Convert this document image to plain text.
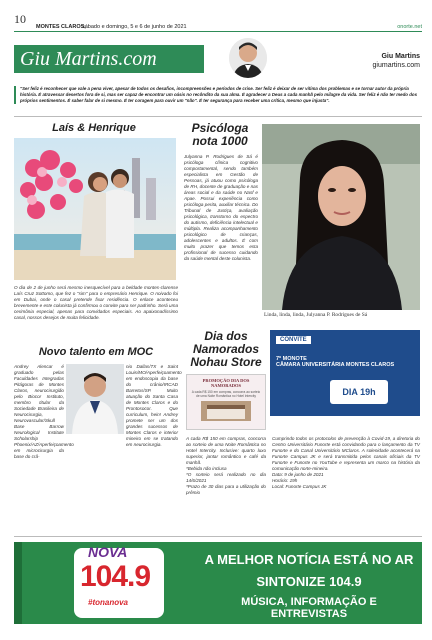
10
MONTES CLAROS,
sábado e domingo, 5 e 6 de junho de 2021	onorte.net
Giu Martins.com	Giu Martins
giumartins.com
"Ser feliz é reconhecer que vale a pena viver, apesar de todos os desafios, incompreensões e períodos de crise. Ser feliz é deixar de ser vítima dos problemas e se tornar autor da própria história. É atravessar desertos fora de si, mas ser capaz de encontrar um oásis no recôndito da sua alma. É agradecer a Deus a cada manhã pelo milagre da vida. Ser feliz é não ter medo dos próprios sentimentos. É saber falar de si mesmo. É ter coragem para ouvir um "não". É ter segurança para receber uma crítica, mesmo que injusta".
Laís & Henrique
O dia de 2 de junho será mesmo inesquecível para a beldade montes-clarense Laís Cruz Sottomo, que fez o "sim" para o empresário Henrique. O noivado foi em Dubai, onde o casal pretende fixar residência. O enlace aconteceu brevemente e este colunista já confirmou o convite para ser padrinho. Será uma cerimônia especial, apenas para convidados especiais. Ao apaixonadíssimo casal, nossos desejos de muita felicidade.
Psicóloga
nota 1000
Julyanna P. Rodrigues de Sá é psicóloga clínica cognitivo comportamental, sendo também especialista em Gestão de Pessoas, já atuou como psicóloga de RH, docente de graduação e nas áreas social e da saúde no Nasf e Apae. Possui experiência como psicóloga perita, auxiliar técnica. Do Tribunal de Justiça, avaliação psicológica, transtorno do espectro do autismo, deficiência intelectual e múltipla. Realiza acompanhamento psicológico de crianças, adolescentes e adultos. É com muito prazer que temos esta profissional de sucesso cuidando da saúde mental deste colunista.
Linda, linda, linda, Julyanna P. Rodrigues de Sá
Novo talento em MOC
Andrey Alencar é graduado pelas Faculdades Integradas Pitágoras de Montes Claros, neurocirurgião pelo Biocor Instituto, membro titular da Sociedade Brasileira de Neurocirurgia, Neurovascular/Skull Base Barrow Neurological Institute Scholarship Phoenix/AZ/Aperfeiçoamento em microcirurgia da base do crâ-
nio Dallas/TX e Saint Louis/MO/Aperfeiçoamento em endoscopia da base do crânio/IRCAD Barretos/SP. Muito atuação do Santa Casa de Montes Claros e do Prontosocor. Que curriculum, hein! Andrey promete ser um dos grandes sucessos de Montes Claros e interior mineiro em se tratando em neurocirurgia.
Dia dos
Namorados
Nohau Store
PROMOÇÃO DIA DOS NAMORADOS
A cada R$ 150 em compras, concorra ao sorteio de uma Noite Romântica no Hotel Intercity
A cada R$ 150 em compras, concorra ao sorteio de uma Noite Romântica no Hotel Intercity. Inclusive: quarto luxo superior, jantar romântico e café da manhã.
*Bebida não inclusa
*O sorteio será realizado no dia 14/6/2021
*Prazo de 30 dias para a utilização do prêmio
CONVITE
7ª MONOTE
CÂMARA UNIVERSITÁRIA MONTES CLAROS
DIA 19h
Cumprindo todos os protocolos de prevenção à Covid-19, a diretoria do Centro Universitário Funorte está convidando para o lançamento da TV Funorte e do Canal Universitário MClaros. A solenidade acontecerá na Funorte Campus JK e será transmitida pelos canais oficiais da TV Funorte e Funorte no YouTube e representa um marco na história da comunicação norte-mineira.
Data: 9 de junho de 2021
Horário: 19h
Local: Funorte Campus JK
NOVA
104.9
#tonanova
A MELHOR NOTÍCIA ESTÁ NO AR
SINTONIZE 104.9
MÚSICA, INFORMAÇÃO E ENTREVISTAS
